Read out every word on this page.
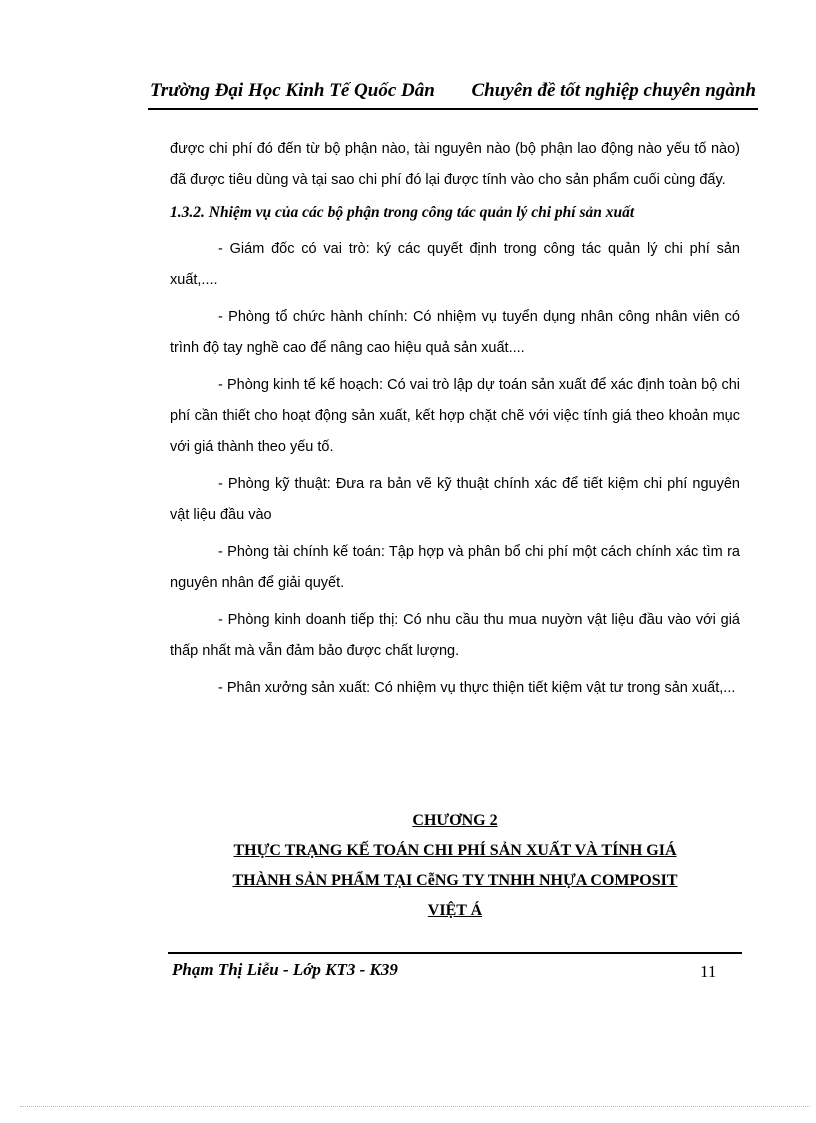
Trường Đại Học Kinh Tế Quốc Dân Chuyên đề tốt nghiệp chuyên ngành

được chi phí đó đến từ bộ phận nào, tài nguyên nào (bộ phận lao động nào yếu tố nào) đã được tiêu dùng và tại sao chi phí đó lại được tính vào cho sản phẩm cuối cùng đấy.

1.3.2. Nhiệm vụ của các bộ phận trong công tác quản lý chi phí sản xuất

- Giám đốc có vai trò: ký các quyết định trong công tác quản lý chi phí sản xuất,....

- Phòng tổ chức hành chính: Có nhiệm vụ tuyển dụng nhân công nhân viên có trình độ tay nghề cao để nâng cao hiệu quả sản xuất....

- Phòng kinh tế kế hoạch: Có vai trò lập dự toán sản xuất để xác định toàn bộ chi phí cần thiết cho hoạt động sản xuất, kết hợp chặt chẽ với việc tính giá theo khoản mục với giá thành theo yếu tố.

- Phòng kỹ thuật: Đưa ra bản vẽ kỹ thuật chính xác để tiết kiệm chi phí nguyên vật liệu đầu vào

- Phòng tài chính kế toán: Tập hợp và phân bổ chi phí một cách chính xác tìm ra nguyên nhân để giải quyết.

- Phòng kinh doanh tiếp thị: Có nhu cầu thu mua nuyờn vật liệu đầu vào với giá thấp nhất mà vẫn đảm bảo được chất lượng.

- Phân xưởng sản xuất: Có nhiệm vụ thực thiện tiết kiệm vật tư trong sản xuất,...

CHƯƠNG 2
THỰC TRẠNG KẾ TOÁN CHI PHÍ SẢN XUẤT VÀ TÍNH GIÁ
THÀNH SẢN PHẨM TẠI CễNG TY TNHH NHỰA COMPOSIT
VIỆT Á
Phạm Thị Liễu - Lớp KT3 - K39	11
